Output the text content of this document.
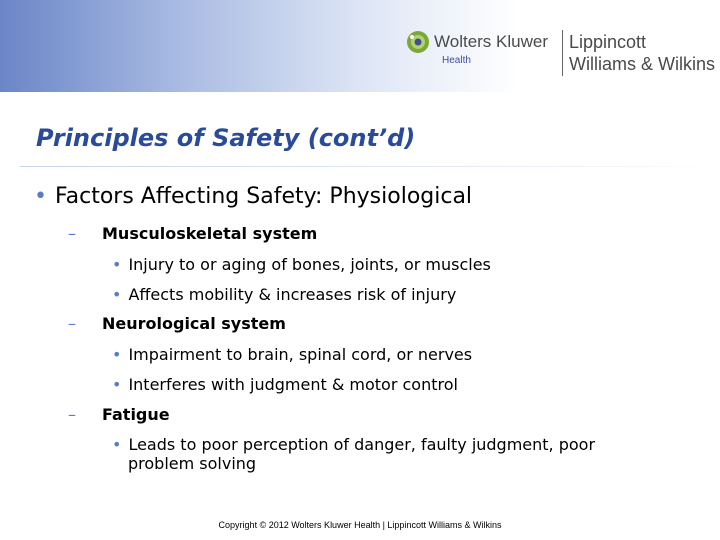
Wolters Kluwer
Health
Lippincott
Williams & Wilkins
Principles of Safety (cont’d)
• Factors Affecting Safety: Physiological
– Musculoskeletal system
• Injury to or aging of bones, joints, or muscles
• Affects mobility & increases risk of injury
– Neurological system
• Impairment to brain, spinal cord, or nerves
• Interferes with judgment & motor control
– Fatigue
• Leads to poor perception of danger, faulty judgment, poor
problem solving
Copyright © 2012 Wolters Kluwer Health | Lippincott Williams & Wilkins
